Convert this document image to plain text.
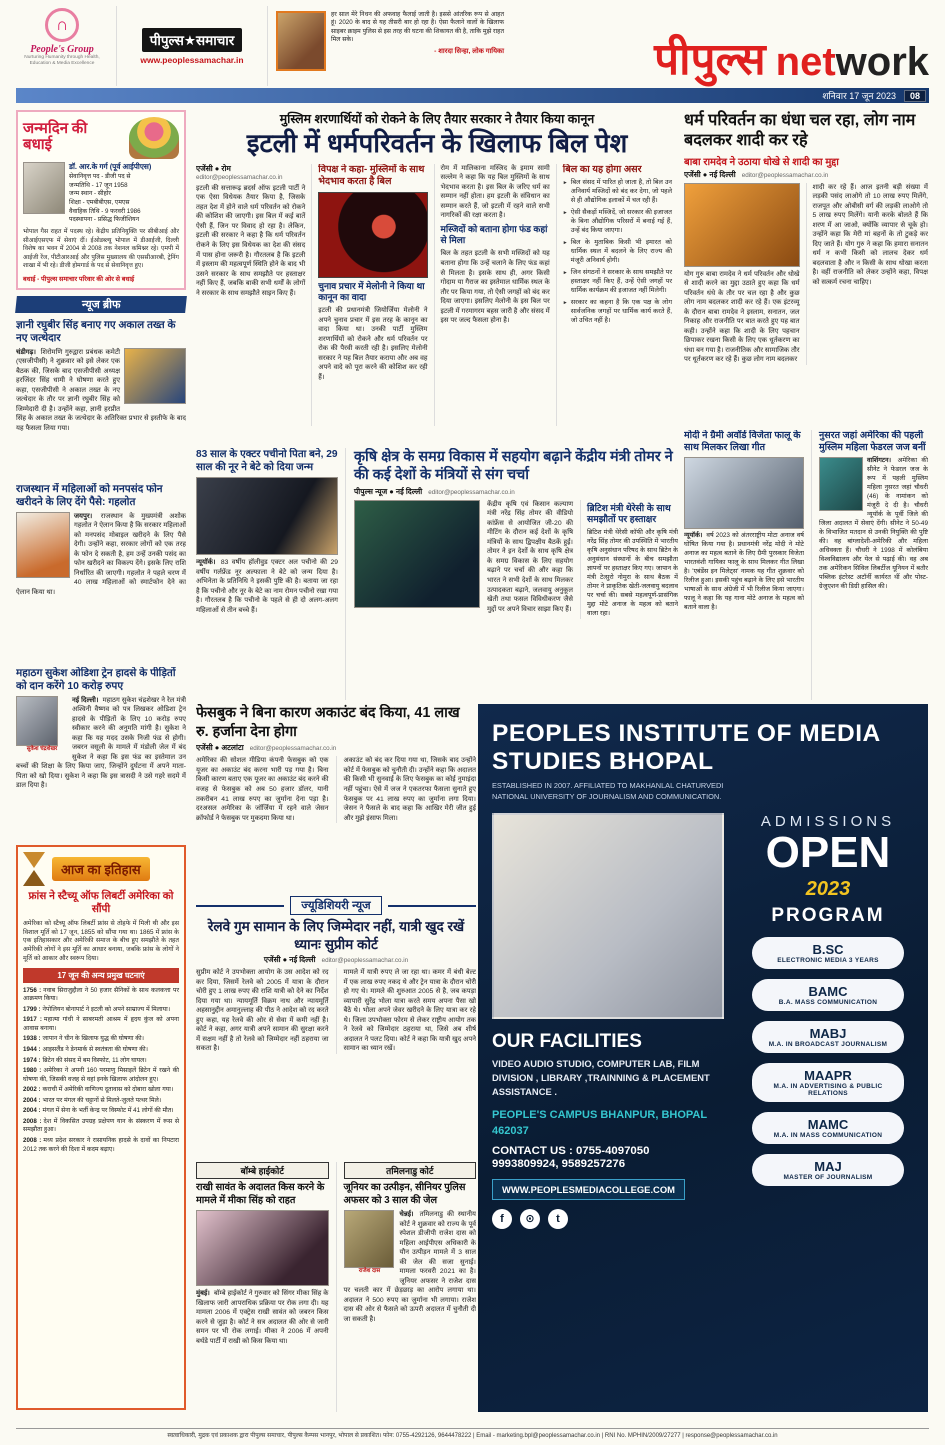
∩
People's Group
Nurturing Humanity through Health, Education & Media Excellence
पीपुल्स★समाचार
www.peoplessamachar.in
हर साल मेरे निधन की अफवाह फैलाई जाती है। इससे आंतरिक रूप से आहत हूं। 2020 के बाद से यह तीसरी बार हो रहा है। ऐसा फैलाने वालों के खिलाफ साइबर क्राइम पुलिस से इस तरह की घटना की शिकायत की है, ताकि मुझे राहत मिल सके।
- शारदा सिन्हा, लोक गायिका	पीपुल्स net work
शनिवार 17 जून 2023	08
जन्मदिन की बधाई
डॉ. आर.के गर्ग (पूर्व आईपीएस)
सेवानिवृत्त पद - डीजी पद से
जन्मतिथि - 17 जून 1958
जन्म स्थान - सीहोर
शिक्षा - एमबीबीएस, एमएस
वैवाहिक तिथि - 9 फरवरी 1986
पदस्थापना - प्रसिद्ध फिजीशियन
भोपाल गैस राहत में पदस्थ रहे। केंद्रीय प्रतिनियुक्ति पर सीबीआई और सीआईएसएफ में सेवाएं दीं। ईओडब्ल्यू भोपाल में डीआईजी, दिल्ली विशेष का भवन में 2004 से 2008 तक नेशनल कमिश्नर रहे। एमपी में आईजी रेंज, पीटीआरआई और पुलिस मुख्यालय की एससीआरबी, ट्रेनिंग शाखा में भी रहे। डीजी होमगार्ड के पद से सेवानिवृत्त हुए।
बधाई - पीपुल्स समाचार परिवार की ओर से बधाई
न्यूज ब्रीफ
ज्ञानी रघुबीर सिंह बनाए गए अकाल तख्त के नए जत्थेदार
चंडीगढ़। शिरोमणि गुरुद्वारा प्रबंधक कमेटी (एसजीपीसी) ने शुक्रवार को इसे लेकर एक बैठक की, जिसके बाद एसजीपीसी अध्यक्ष हरजिंदर सिंह धामी ने घोषणा करते हुए कहा, एसजीपीसी ने अकाल तख्त के नए जत्थेदार के तौर पर ज्ञानी रघुबीर सिंह को जिम्मेदारी दी है। उन्होंने कहा, ज्ञानी हरप्रीत सिंह के अकाल तख्त के जत्थेदार के अतिरिक्त प्रभार से इस्तीफे के बाद यह फैसला लिया गया।
राजस्थान में महिलाओं को मनपसंद फोन खरीदने के लिए देंगे पैसे: गहलोत
जयपुर। राजस्थान के मुख्यमंत्री अशोक गहलोत ने ऐलान किया है कि सरकार महिलाओं को मनपसंद मोबाइल खरीदने के लिए पैसे देगी। उन्होंने कहा, सरकार लोगों को एक तरह के फोन दे सकती है, हम उन्हें उनकी पसंद का फोन खरीदने का विकल्प देंगे। इसके लिए राशि निर्धारित की जाएगी। गहलोत ने पहले चरण में 40 लाख महिलाओं को स्मार्टफोन देने का ऐलान किया था।
महाठग सुकेश ओडिशा ट्रेन हादसे के पीड़ितों को दान करेंगे 10 करोड़ रुपए
सुकेश चंद्रशेखर
नई दिल्ली। महाठग सुकेश चंद्रशेखर ने रेल मंत्री अश्विनी वैष्णव को पत्र लिखकर ओडिशा ट्रेन हादसे के पीड़ितों के लिए 10 करोड़ रुपए स्वीकार करने की अनुमति मांगी है। सुकेश ने कहा कि यह मदद उसके निजी फंड से होगी। जबरन वसूली के मामले में मंडोली जेल में बंद सुकेश ने कहा कि इस फंड का इस्तेमाल उन बच्चों की शिक्षा के लिए किया जाए, जिन्होंने दुर्घटना में अपने माता-पिता को खो दिया। सुकेश ने कहा कि इस त्रासदी ने उसे गहरे सदमे में डाल दिया है।
आज का इतिहास
फ्रांस ने स्टैच्यू ऑफ लिबर्टी अमेरिका को सौंपी
अमेरिका को स्टैच्यू ऑफ लिबर्टी फ्रांस से तोहफे में मिली थी और इस विशाल मूर्ति को 17 जून, 1855 को सौंपा गया था। 1865 में फ्रांस के एक इतिहासकार और अमेरिकी समाज के बीच हुए समझौते के तहत अमेरिकी लोगों ने इस मूर्ति का आधार बनाया, जबकि फ्रांस के लोगों ने मूर्ति को आकार और स्वरूप दिया।
17 जून की अन्य प्रमुख घटनाएं
1756 : नवाब सिराजुद्दौला ने 50 हजार सैनिकों के साथ कलकत्ता पर आक्रमण किया।
1799 : नेपोलियन बोनापार्ट ने इटली को अपने साम्राज्य में मिलाया।
1917 : महात्मा गांधी ने साबरमती आश्रम में हृदय कुंज को अपना आवास बनाया।
1938 : जापान ने चीन के खिलाफ युद्ध की घोषणा की।
1944 : आइसलैंड ने डेनमार्क से स्वतंत्रता की घोषणा की।
1974 : ब्रिटेन की संसद में बम विस्फोट, 11 लोग घायल।
1980 : अमेरिका ने अपनी 160 परमाणु मिसाइलें ब्रिटेन में रखने की घोषणा की, जिसकी वजह से वहां इनके खिलाफ आंदोलन हुए।
2002 : कराची में अमेरिकी वाणिज्य दूतावास को दोबारा खोला गया।
2004 : भारत पर मंगल की चट्टानों से मिलते-जुलते पत्थर मिले।
2004 : मंगल में सेना के भर्ती केन्द्र पर विस्फोट में 41 लोगों की मौत।
2008 : देश में विकसित उपग्रह प्रक्षेपण यान के संस्करण में रूस से समझौता हुआ।
2008 : मध्य प्रदेश सरकार ने रासायनिक हादसे के दावों का निपटारा 2012 तक करने की दिशा में कदम बढ़ाए।
मुस्लिम शरणार्थियों को रोकने के लिए तैयार सरकार ने तैयार किया कानून
इटली में धर्मपरिवर्तन के खिलाफ बिल पेश
एजेंसी ● रोम
editor@peoplessamachar.co.in
इटली की सत्तारूढ़ ब्रदर्स ऑफ इटली पार्टी ने एक ऐसा विधेयक तैयार किया है, जिसके तहत देश में होने वाले धर्म परिवर्तन को रोकने की कोशिश की जाएगी। इस बिल में कई बातें ऐसी हैं, जिन पर विवाद हो रहा है। लेकिन, इटली की सरकार ने कहा है कि धर्म परिवर्तन रोकने के लिए इस विधेयक का देश की संसद में पास होना जरूरी है। गौरतलब है कि इटली में इस्लाम की महत्वपूर्ण स्थिति होने के बाद भी उसने सरकार के साथ समझौते पर हस्ताक्षर नहीं किए हैं, जबकि बाकी सभी धर्मों के लोगों ने सरकार के साथ समझौते साइन किए हैं।
विपक्ष ने कहा- मुस्लिमों के साथ भेदभाव करता है बिल
चुनाव प्रचार में मेलोनी ने किया था कानून का वादा
इटली की प्रधानमंत्री जियोर्जिया मेलोनी ने अपने चुनाव प्रचार में इस तरह के कानून का वादा किया था। उनकी पार्टी मुस्लिम शरणार्थियों को रोकने और धर्म परिवर्तन पर रोक की पैरवी करती रही है। इसलिए मेलोनी सरकार ने यह बिल तैयार कराया और अब वह अपने वादे को पूरा करने की कोशिश कर रही हैं।
रोम में मालिकाना मस्जिद के इमाम सामी सल्लेम ने कहा कि यह बिल मुस्लिमों के साथ भेदभाव करता है। इस बिल के जरिए धर्म का सम्मान नहीं होता। हम इटली के संविधान का सम्मान करते हैं, जो इटली में रहने वाले सभी नागरिकों की रक्षा करता है।
मस्जिदों को बताना होगा फंड कहां से मिला
बिल के तहत इटली के सभी मस्जिदों को यह बताना होगा कि उन्हें चलाने के लिए फंड कहां से मिलता है। इसके साथ ही, अगर किसी गोदाम या गैराज का इस्तेमाल धार्मिक स्थल के तौर पर किया गया, तो ऐसी जगहों को बंद कर दिया जाएगा। इसलिए मेलोनी के इस बिल पर इटली में गरमागरम बहस जारी है और संसद में इस पर जल्द फैसला होना है।
बिल का यह होगा असर
► बिल संसद में पारित हो जाता है, तो बिल उन अनिवार्य मस्जिदों को बंद कर देगा, जो पहले से ही औद्योगिक इलाकों में चल रही हैं।
► ऐसी सैकड़ों मस्जिदें, जो सरकार की इजाजत के बिना औद्योगिक परिसरों में बनाई गई हैं, उन्हें बंद किया जाएगा।
► बिल के मुताबिक किसी भी इमारत को धार्मिक स्थल में बदलने के लिए राज्य की मंजूरी अनिवार्य होगी।
► जिन संगठनों ने सरकार के साथ समझौते पर हस्ताक्षर नहीं किए हैं, उन्हें ऐसी जगहों पर धार्मिक कार्यक्रम की इजाजत नहीं मिलेगी।
► सरकार का कहना है कि एक पक्ष के लोग सार्वजनिक जगहों पर धार्मिक कार्य करते हैं, जो उचित नहीं है।
83 साल के एक्टर पचीनो पिता बने, 29 साल की नूर ने बेटे को दिया जन्म
न्यूयॉर्क। 83 वर्षीय हॉलीवुड एक्टर अल पचीनो की 29 वर्षीय गर्लफ्रेंड नूर अल्फाला ने बेटे को जन्म दिया है। अभिनेता के प्रतिनिधि ने इसकी पुष्टि की है। बताया जा रहा है कि पचीनो और नूर के बेटे का नाम रोमन पचीनो रखा गया है। गौरतलब है कि पचीनो के पहले से ही दो अलग-अलग महिलाओं से तीन बच्चे हैं।
कृषि क्षेत्र के समग्र विकास में सहयोग बढ़ाने केंद्रीय मंत्री तोमर ने की कई देशों के मंत्रियों से संग चर्चा
पीपुल्स न्यूज ● नई दिल्ली editor@peoplessamachar.co.in
केंद्रीय कृषि एवं किसान कल्याण मंत्री नरेंद्र सिंह तोमर की वीडियो कांफ्रेंस से आयोजित जी-20 की मीटिंग के दौरान कई देशों के कृषि मंत्रियों के साथ द्विपक्षीय बैठकें हुईं। तोमर ने इन देशों के साथ कृषि क्षेत्र के समग्र विकास के लिए सहयोग बढ़ाने पर चर्चा की और कहा कि भारत ने सभी देशों के साथ मिलकर उत्पादकता बढ़ाने, जलवायु अनुकूल खेती तथा फसल विविधीकरण जैसे मुद्दों पर अपने विचार साझा किए हैं।
ब्रिटिश मंत्री थेरेसी के साथ समझौतों पर हस्ताक्षर
ब्रिटिश मंत्री थेरेसी कॉफी और कृषि मंत्री नरेंद्र सिंह तोमर की उपस्थिति में भारतीय कृषि अनुसंधान परिषद के साथ ब्रिटेन के अनुसंधान संस्थानों के बीच समझौता ज्ञापनों पर हस्ताक्षर किए गए। जापान के मंत्री टेत्सुरो नोमुरा के साथ बैठक में तोमर ने प्राकृतिक खेती-जलवायु बदलाव पर चर्चा की। सबसे महत्वपूर्ण-प्रासंगिक मुद्दा मोटे अनाज के महत्व को बताने वाला रहा।
फेसबुक ने बिना कारण अकाउंट बंद किया, 41 लाख रु. हर्जाना देना होगा
एजेंसी ● अटलांटा editor@peoplessamachar.co.in
अमेरिका की सोशल मीडिया कंपनी फेसबुक को एक यूजर का अकाउंट बंद करना भारी पड़ गया है। बिना किसी कारण बताए एक यूजर का अकाउंट बंद करने की वजह से फेसबुक को अब 50 हजार डॉलर, यानी तकरीबन 41 लाख रुपए का जुर्माना देना पड़ा है। दरअसल अमेरिका के जॉर्जिया में रहने वाले जेसन क्रॉफोर्ड ने फेसबुक पर मुकदमा किया था।
अकाउंट को बंद कर दिया गया था, जिसके बाद उन्होंने कोर्ट में फेसबुक को चुनौती दी। उन्होंने कहा कि अदालत की किसी भी सुनवाई के लिए फेसबुक का कोई नुमाइंदा नहीं पहुंचा। ऐसे में जज ने एकतरफा फैसला सुनाते हुए फेसबुक पर 41 लाख रुपए का जुर्माना लगा दिया। जेसन ने फैसले के बाद कहा कि आखिर मेरी जीत हुई और मुझे इंसाफ मिला।
ज्यूडिशियरी न्यूज
रेलवे गुम सामान के लिए जिम्मेदार नहीं, यात्री खुद रखें ध्यानः सुप्रीम कोर्ट
एजेंसी ● नई दिल्ली editor@peoplessamachar.co.in
सुप्रीम कोर्ट ने उपभोक्ता आयोग के उस आदेश को रद कर दिया, जिसमें रेलवे को 2005 में यात्रा के दौरान चोरी हुए 1 लाख रुपए की राशि यात्री को देने का निर्देश दिया गया था। न्यायमूर्ति विक्रम नाथ और न्यायमूर्ति अहसानुद्दीन अमानुल्लाह की पीठ ने आदेश को रद करते हुए कहा, यह रेलवे की ओर से सेवा में कमी नहीं है। कोर्ट ने कहा, अगर यात्री अपने सामान की सुरक्षा करने में सक्षम नहीं है तो रेलवे को जिम्मेदार नहीं ठहराया जा सकता है।
मामले में यात्री रुपए ले जा रहा था। कमर में बंधी बेल्ट में एक लाख रुपए नकद थे और ट्रेन यात्रा के दौरान चोरी हो गए थे। मामले की शुरुआत 2005 से है, जब कपड़ा व्यापारी सुरेंद्र भोला यात्रा करते समय अपना पैसा खो बैठे थे। भोला अपने जेवर खरीदने के लिए यात्रा कर रहे थे। जिला उपभोक्ता फोरम से लेकर राष्ट्रीय आयोग तक ने रेलवे को जिम्मेदार ठहराया था, जिसे अब शीर्ष अदालत ने पलट दिया। कोर्ट ने कहा कि यात्री खुद अपने सामान का ध्यान रखें।
बॉम्बे हाईकोर्ट
राखी सावंत के अदालत किस करने के मामले में मीका सिंह को राहत
मुंबई। बॉम्बे हाईकोर्ट ने गुरुवार को सिंगर मीका सिंह के खिलाफ जारी आपराधिक प्रक्रिया पर रोक लगा दी। यह मामला 2006 में एक्ट्रेस राखी सावंत को जबरन किस करने से जुड़ा है। कोर्ट ने सत्र अदालत की ओर से जारी समन पर भी रोक लगाई। मीका ने 2006 में अपनी बर्थडे पार्टी में राखी को किस किया था।
तमिलनाडु कोर्ट
जूनियर का उत्पीड़न, सीनियर पुलिस अफसर को 3 साल की जेल
राजेश दास
चेन्नई। तमिलनाडु की स्थानीय कोर्ट ने शुक्रवार को राज्य के पूर्व स्पेशल डीजीपी राजेश दास को महिला आईपीएस अधिकारी के यौन उत्पीड़न मामले में 3 साल की जेल की सजा सुनाई। मामला फरवरी 2021 का है। जूनियर अफसर ने राजेश दास पर चलती कार में छेड़छाड़ का आरोप लगाया था। अदालत ने 500 रुपए का जुर्माना भी लगाया। राजेश दास की ओर से फैसले को ऊपरी अदालत में चुनौती दी जा सकती है।
धर्म परिवर्तन का धंधा चल रहा, लोग नाम बदलकर शादी कर रहे
बाबा रामदेव ने उठाया धोखे से शादी का मुद्दा
एजेंसी ● नई दिल्ली editor@peoplessamachar.co.in
योग गुरु बाबा रामदेव ने धर्म परिवर्तन और धोखे से शादी करने का मुद्दा उठाते हुए कहा कि धर्म परिवर्तन धंधे के तौर पर चल रहा है और कुछ लोग नाम बदलकर शादी कर रहे हैं। एक इंटरव्यू के दौरान बाबा रामदेव ने इस्लाम, सनातन, जल निकाह और राजनीति पर बात करते हुए यह बात कही। उन्होंने कहा कि शादी के लिए पहचान छिपाकर रखना किसी के लिए एक धूर्तकरण का धंधा बन गया है। राजनीतिक और सामाजिक तौर पर धूर्तकरण कर रहे हैं। कुछ लोग नाम बदलकर
शादी कर रहे हैं। आज इतनी बड़ी संख्या में लड़की पसंद लाओगे तो 10 लाख रुपए मिलेंगे, राजपूत और ओबीसी वर्ग की लड़की लाओगे तो 5 लाख रुपए मिलेंगे। यानी करके बोलते हैं कि शरण में आ जाओ, क्योंकि व्यापार से चूके हो। उन्होंने कहा कि मेरी मां बहनों के तो टुकड़े कर दिए जाते हैं। योग गुरु ने कहा कि हमारा सनातन धर्म न कभी किसी को लालच देकर धर्म बदलवाता है और न किसी के साथ धोखा करता है। वहीं राजनीति को लेकर उन्होंने कहा, विपक्ष को सत्कर्म रचना चाहिए।
मोदी ने ग्रैमी अवॉर्ड विजेता फालू के साथ मिलकर लिखा गीत
न्यूयॉर्क। वर्ष 2023 को अंतरराष्ट्रीय मोटा अनाज वर्ष घोषित किया गया है। प्रधानमंत्री नरेंद्र मोदी ने मोटे अनाज का महत्व बताने के लिए ग्रैमी पुरस्कार विजेता भारतवंशी गायिका फालू के साथ मिलकर गीत लिखा है। 'एबंडेंस इन मिलेट्स' नामक यह गीत शुक्रवार को रिलीज हुआ। इसकी पहुंच बढ़ाने के लिए इसे भारतीय भाषाओं के साथ अंग्रेजी में भी रिलीज किया जाएगा। फालू ने कहा कि यह गाना मोटे अनाज के महत्व को बताने वाला है।
नुसरत जहां अमेरिका की पहली मुस्लिम महिला फेडरल जज बनीं
वाशिंगटन। अमेरिका की सीनेट ने फेडरल जज के रूप में पहली मुस्लिम महिला नुसरत जहां चौधरी (46) के नामांकन को मंजूरी दे दी है। चौधरी न्यूयॉर्क के पूर्वी जिले की जिला अदालत में सेवाएं देंगी। सीनेट ने 50-49 के विभाजित मतदान से उनकी नियुक्ति की पुष्टि की। वह बांग्लादेशी-अमेरिकी और महिला अधिवक्ता हैं। चौधरी ने 1998 में कोलंबिया विश्वविद्यालय और येल से पढ़ाई की। वह अब तक अमेरिकन सिविल लिबर्टीज यूनियन में बतौर पब्लिक इंटरेस्ट अटॉर्नी कार्यरत थीं और पोस्ट-ग्रेजुएशन की डिग्री हासिल की।
PEOPLES INSTITUTE OF MEDIA
STUDIES BHOPAL
ESTABLISHED IN 2007. AFFILIATED TO MAKHANLAL CHATURVEDI NATIONAL UNIVERSITY OF JOURNALISM AND COMMUNICATION.
OUR FACILITIES
VIDEO AUDIO STUDIO, COMPUTER LAB, FILM DIVISION , LIBRARY ,TRAINNING & PLACEMENT ASSISTANCE .
PEOPLE'S CAMPUS BHANPUR, BHOPAL 462037
CONTACT US : 0755-4097050
9993809924, 9589257276
WWW.PEOPLESMEDIACOLLEGE.COM
f	⊙	t
ADMISSIONS
OPEN
2023
PROGRAM
B.SC
ELECTRONIC MEDIA 3 YEARS
BAMC
B.A. MASS COMMUNICATION
MABJ
M.A. IN BROADCAST JOURNALISM
MAAPR
M.A. IN ADVERTISING & PUBLIC RELATIONS
MAMC
M.A. IN MASS COMMUNICATION
MAJ
MASTER OF JOURNALISM
स्वत्वाधिकारी, मुद्रक एवं प्रकाशक द्वारा पीपुल्स समाचार, पीपुल्स कैम्पस भानपुर, भोपाल से प्रकाशित। फोन: 0755-4292126, 9644478222 | Email - marketing.bpl@peoplessamachar.co.in | RNI No. MPHIN/2009/27277 | response@peoplessamachar.co.in
